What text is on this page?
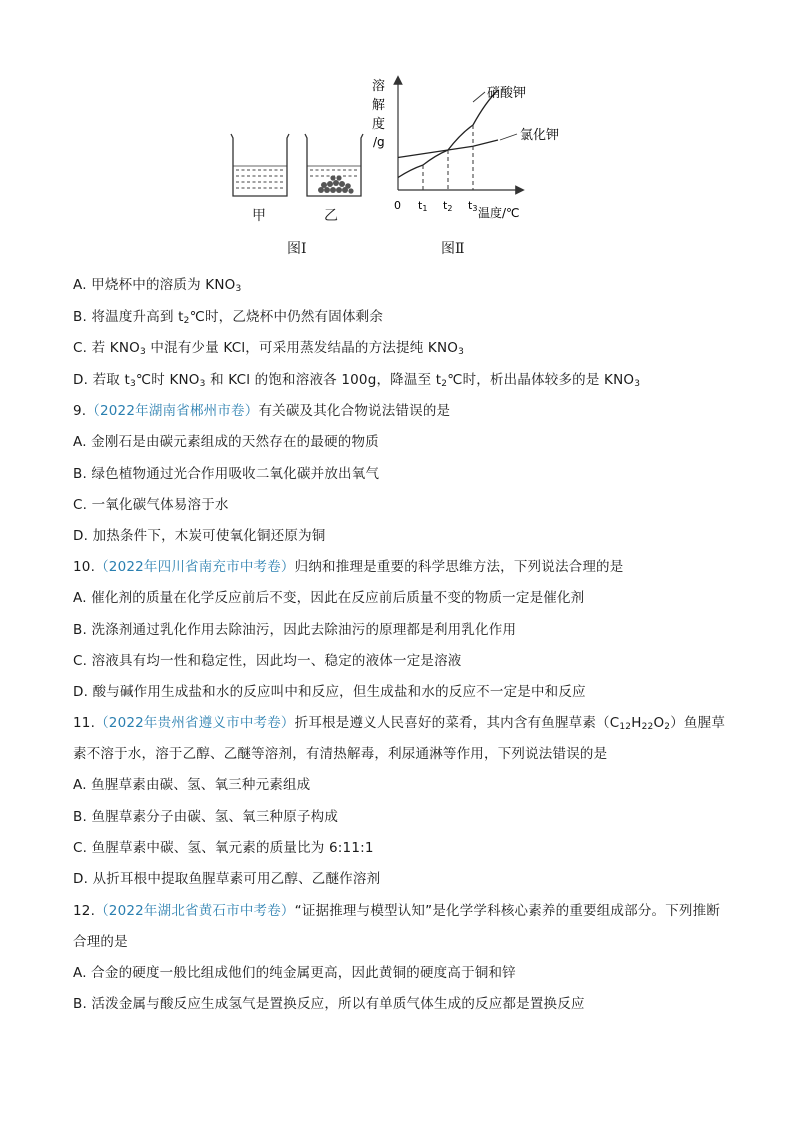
甲	乙
图Ⅰ
t1 t2 t3
溶
解
度
/g
0
温度/℃
硝酸钾
氯化钾
图Ⅱ
A. 甲烧杯中的溶质为 $KNO_3$
B. 将温度升高到 $t_2℃$时，乙烧杯中仍然有固体剩余
C. 若 $KNO_3$ 中混有少量 KCl，可采用蒸发结晶的方法提纯 $KNO_3$
D. 若取 $t_3℃$时 $KNO_3$ 和 KCl 的饱和溶液各 100g，降温至 $t_2℃$时，析出晶体较多的是 $KNO_3$
9.（2022年湖南省郴州市卷）有关碳及其化合物说法错误的是
A. 金刚石是由碳元素组成的天然存在的最硬的物质
B. 绿色植物通过光合作用吸收二氧化碳并放出氧气
C. 一氧化碳气体易溶于水
D. 加热条件下，木炭可使氧化铜还原为铜
10.（2022年四川省南充市中考卷）归纳和推理是重要的科学思维方法，下列说法合理的是
A. 催化剂的质量在化学反应前后不变，因此在反应前后质量不变的物质一定是催化剂
B. 洗涤剂通过乳化作用去除油污，因此去除油污的原理都是利用乳化作用
C. 溶液具有均一性和稳定性，因此均一、稳定的液体一定是溶液
D. 酸与碱作用生成盐和水的反应叫中和反应，但生成盐和水的反应不一定是中和反应
11.（2022年贵州省遵义市中考卷）折耳根是遵义人民喜好的菜肴，其内含有鱼腥草素$(C_{12}H_{22}O_2)$鱼腥草
素不溶于水，溶于乙醇、乙醚等溶剂，有清热解毒，利尿通淋等作用，下列说法错误的是
A. 鱼腥草素由碳、氢、氧三种元素组成
B. 鱼腥草素分子由碳、氢、氧三种原子构成
C. 鱼腥草素中碳、氢、氧元素的质量比为 6:11:1
D. 从折耳根中提取鱼腥草素可用乙醇、乙醚作溶剂
12.（2022年湖北省黄石市中考卷）“证据推理与模型认知”是化学学科核心素养的重要组成部分。下列推断
合理的是
A. 合金的硬度一般比组成他们的纯金属更高，因此黄铜的硬度高于铜和锌
B. 活泼金属与酸反应生成氢气是置换反应，所以有单质气体生成的反应都是置换反应
